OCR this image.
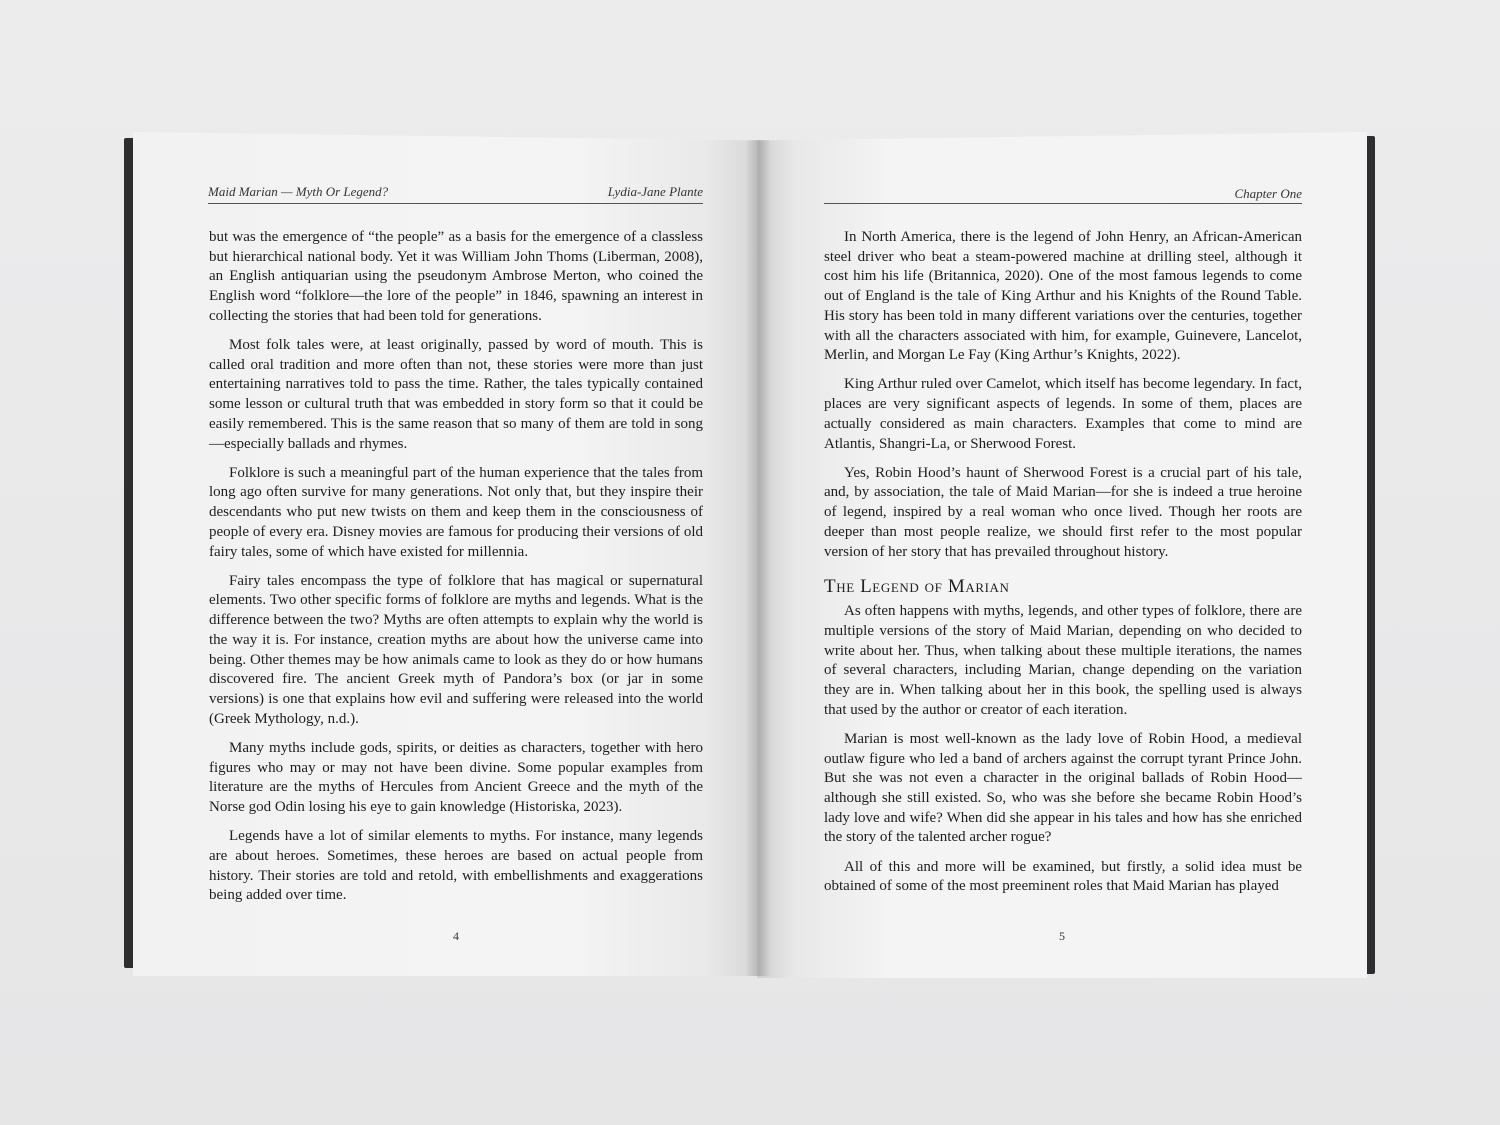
Maid Marian — Myth Or Legend?	Lydia-Jane Plante	Chapter One

but was the emergence of “the people” as a basis for the emergence of a classless but hierarchical national body. Yet it was William John Thoms (Liberman, 2008), an English antiquarian using the pseudonym Ambrose Merton, who coined the English word “folklore—the lore of the people” in 1846, spawning an interest in collecting the stories that had been told for generations.

Most folk tales were, at least originally, passed by word of mouth. This is called oral tradition and more often than not, these stories were more than just entertaining narratives told to pass the time. Rather, the tales typically contained some lesson or cultural truth that was embedded in story form so that it could be easily remembered. This is the same reason that so many of them are told in song—especially ballads and rhymes.

Folklore is such a meaningful part of the human experience that the tales from long ago often survive for many generations. Not only that, but they inspire their descendants who put new twists on them and keep them in the consciousness of people of every era. Disney movies are famous for producing their versions of old fairy tales, some of which have existed for millennia.

Fairy tales encompass the type of folklore that has magical or supernatural elements. Two other specific forms of folklore are myths and legends. What is the difference between the two? Myths are often attempts to explain why the world is the way it is. For instance, creation myths are about how the universe came into being. Other themes may be how animals came to look as they do or how humans discovered fire. The ancient Greek myth of Pandora’s box (or jar in some versions) is one that explains how evil and suffering were released into the world (Greek Mythology, n.d.).

Many myths include gods, spirits, or deities as characters, together with hero figures who may or may not have been divine. Some popular examples from literature are the myths of Hercules from Ancient Greece and the myth of the Norse god Odin losing his eye to gain knowledge (Historiska, 2023).

Legends have a lot of similar elements to myths. For instance, many legends are about heroes. Sometimes, these heroes are based on actual people from history. Their stories are told and retold, with embellishments and exaggerations being added over time.

In North America, there is the legend of John Henry, an African-American steel driver who beat a steam-powered machine at drilling steel, although it cost him his life (Britannica, 2020). One of the most famous legends to come out of England is the tale of King Arthur and his Knights of the Round Table. His story has been told in many different variations over the centuries, together with all the characters associated with him, for example, Guinevere, Lancelot, Merlin, and Morgan Le Fay (King Arthur’s Knights, 2022).

King Arthur ruled over Camelot, which itself has become legendary. In fact, places are very significant aspects of legends. In some of them, places are actually considered as main characters. Examples that come to mind are Atlantis, Shangri-La, or Sherwood Forest.

Yes, Robin Hood’s haunt of Sherwood Forest is a crucial part of his tale, and, by association, the tale of Maid Marian—for she is indeed a true heroine of legend, inspired by a real woman who once lived. Though her roots are deeper than most people realize, we should first refer to the most popular version of her story that has prevailed throughout history.

The Legend of Marian

As often happens with myths, legends, and other types of folklore, there are multiple versions of the story of Maid Marian, depending on who decided to write about her. Thus, when talking about these multiple iterations, the names of several characters, including Marian, change depending on the variation they are in. When talking about her in this book, the spelling used is always that used by the author or creator of each iteration.

Marian is most well-known as the lady love of Robin Hood, a medieval outlaw figure who led a band of archers against the corrupt tyrant Prince John. But she was not even a character in the original ballads of Robin Hood—although she still existed. So, who was she before she became Robin Hood’s lady love and wife? When did she appear in his tales and how has she enriched the story of the talented archer rogue?

All of this and more will be examined, but firstly, a solid idea must be obtained of some of the most preeminent roles that Maid Marian has played

4	5
